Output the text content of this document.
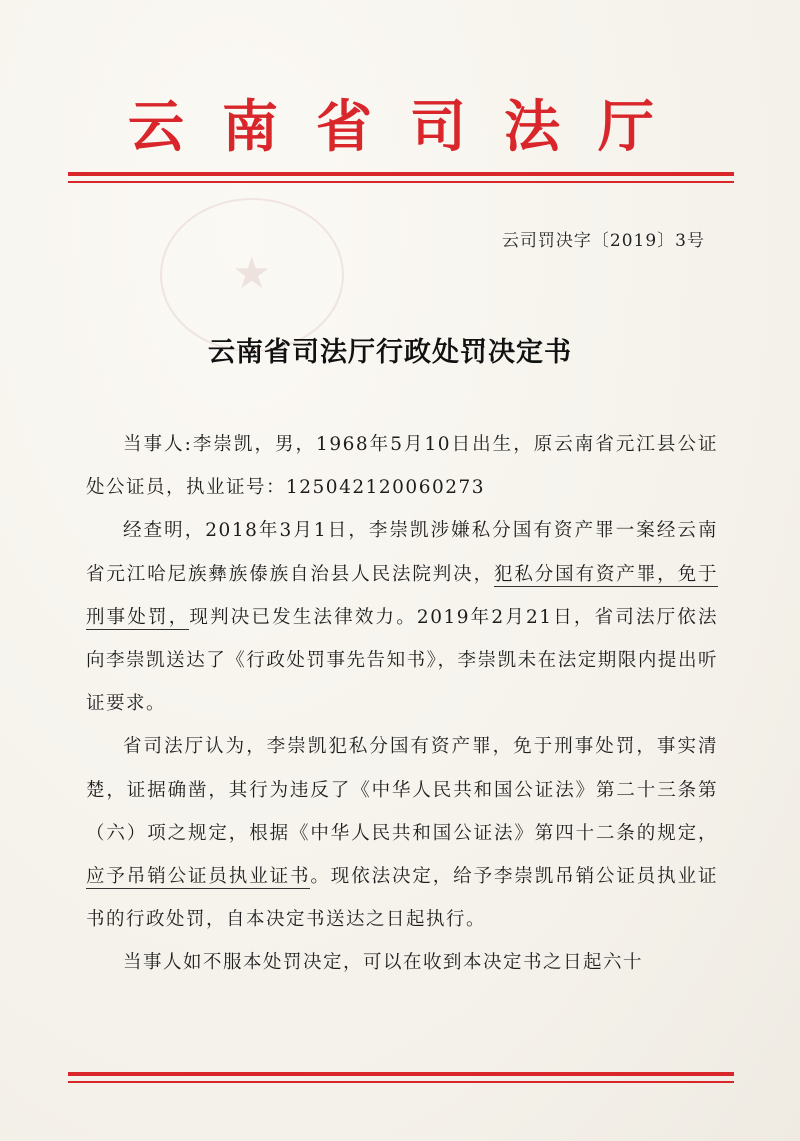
★
云南省司法厅
云司罚决字〔2019〕3号
云南省司法厅行政处罚决定书

当事人:李崇凯，男，1968年5月10日出生，原云南省元江县公证处公证员，执业证号：125042120060273

经查明，2018年3月1日，李崇凯涉嫌私分国有资产罪一案经云南省元江哈尼族彝族傣族自治县人民法院判决，犯私分国有资产罪，免于刑事处罚，现判决已发生法律效力。2019年2月21日，省司法厅依法向李崇凯送达了《行政处罚事先告知书》，李崇凯未在法定期限内提出听证要求。

省司法厅认为，李崇凯犯私分国有资产罪，免于刑事处罚，事实清楚，证据确凿，其行为违反了《中华人民共和国公证法》第二十三条第（六）项之规定，根据《中华人民共和国公证法》第四十二条的规定，应予吊销公证员执业证书。现依法决定，给予李崇凯吊销公证员执业证书的行政处罚，自本决定书送达之日起执行。

当事人如不服本处罚决定，可以在收到本决定书之日起六十
